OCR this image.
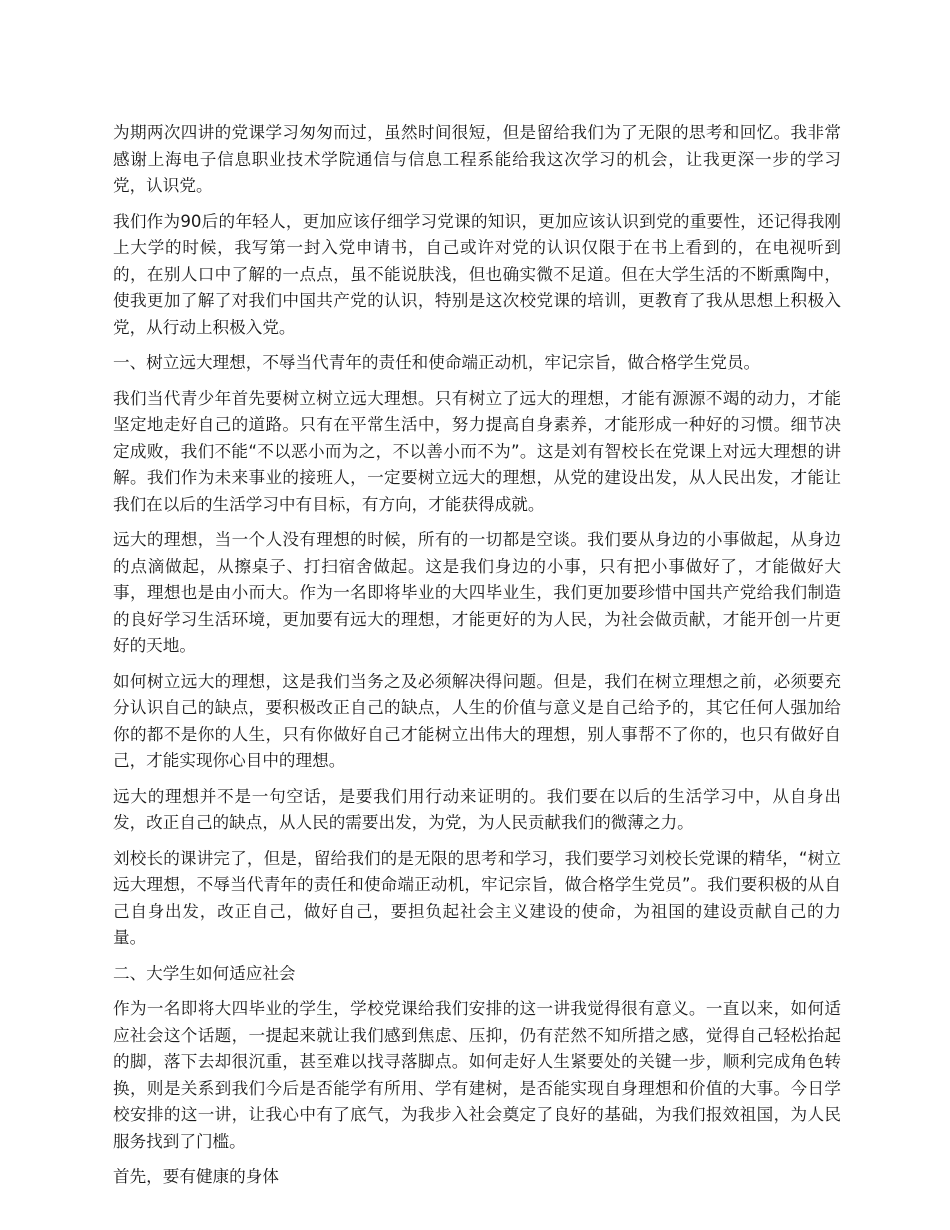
为期两次四讲的党课学习匆匆而过，虽然时间很短，但是留给我们为了无限的思考和回忆。我非常感谢上海电子信息职业技术学院通信与信息工程系能给我这次学习的机会，让我更深一步的学习党，认识党。

我们作为90后的年轻人，更加应该仔细学习党课的知识，更加应该认识到党的重要性，还记得我刚上大学的时候，我写第一封入党申请书，自己或许对党的认识仅限于在书上看到的，在电视听到的，在别人口中了解的一点点，虽不能说肤浅，但也确实微不足道。但在大学生活的不断熏陶中，使我更加了解了对我们中国共产党的认识，特别是这次校党课的培训，更教育了我从思想上积极入党，从行动上积极入党。

一、树立远大理想，不辱当代青年的责任和使命端正动机，牢记宗旨，做合格学生党员。

我们当代青少年首先要树立树立远大理想。只有树立了远大的理想，才能有源源不竭的动力，才能坚定地走好自己的道路。只有在平常生活中，努力提高自身素养，才能形成一种好的习惯。细节决定成败，我们不能“不以恶小而为之，不以善小而不为”。这是刘有智校长在党课上对远大理想的讲解。我们作为未来事业的接班人，一定要树立远大的理想，从党的建设出发，从人民出发，才能让我们在以后的生活学习中有目标，有方向，才能获得成就。

远大的理想，当一个人没有理想的时候，所有的一切都是空谈。我们要从身边的小事做起，从身边的点滴做起，从擦桌子、打扫宿舍做起。这是我们身边的小事，只有把小事做好了，才能做好大事，理想也是由小而大。作为一名即将毕业的大四毕业生，我们更加要珍惜中国共产党给我们制造的良好学习生活环境，更加要有远大的理想，才能更好的为人民，为社会做贡献，才能开创一片更好的天地。

如何树立远大的理想，这是我们当务之及必须解决得问题。但是，我们在树立理想之前，必须要充分认识自己的缺点，要积极改正自己的缺点，人生的价值与意义是自己给予的，其它任何人强加给你的都不是你的人生，只有你做好自己才能树立出伟大的理想，别人事帮不了你的，也只有做好自己，才能实现你心目中的理想。

远大的理想并不是一句空话，是要我们用行动来证明的。我们要在以后的生活学习中，从自身出发，改正自己的缺点，从人民的需要出发，为党，为人民贡献我们的微薄之力。

刘校长的课讲完了，但是，留给我们的是无限的思考和学习，我们要学习刘校长党课的精华，“树立远大理想，不辱当代青年的责任和使命端正动机，牢记宗旨，做合格学生党员”。我们要积极的从自己自身出发，改正自己，做好自己，要担负起社会主义建设的使命，为祖国的建设贡献自己的力量。

二、大学生如何适应社会

作为一名即将大四毕业的学生，学校党课给我们安排的这一讲我觉得很有意义。一直以来，如何适应社会这个话题，一提起来就让我们感到焦虑、压抑，仍有茫然不知所措之感，觉得自己轻松抬起的脚，落下去却很沉重，甚至难以找寻落脚点。如何走好人生紧要处的关键一步，顺利完成角色转换，则是关系到我们今后是否能学有所用、学有建树，是否能实现自身理想和价值的大事。今日学校安排的这一讲，让我心中有了底气，为我步入社会奠定了良好的基础，为我们报效祖国，为人民服务找到了门槛。

首先，要有健康的身体
